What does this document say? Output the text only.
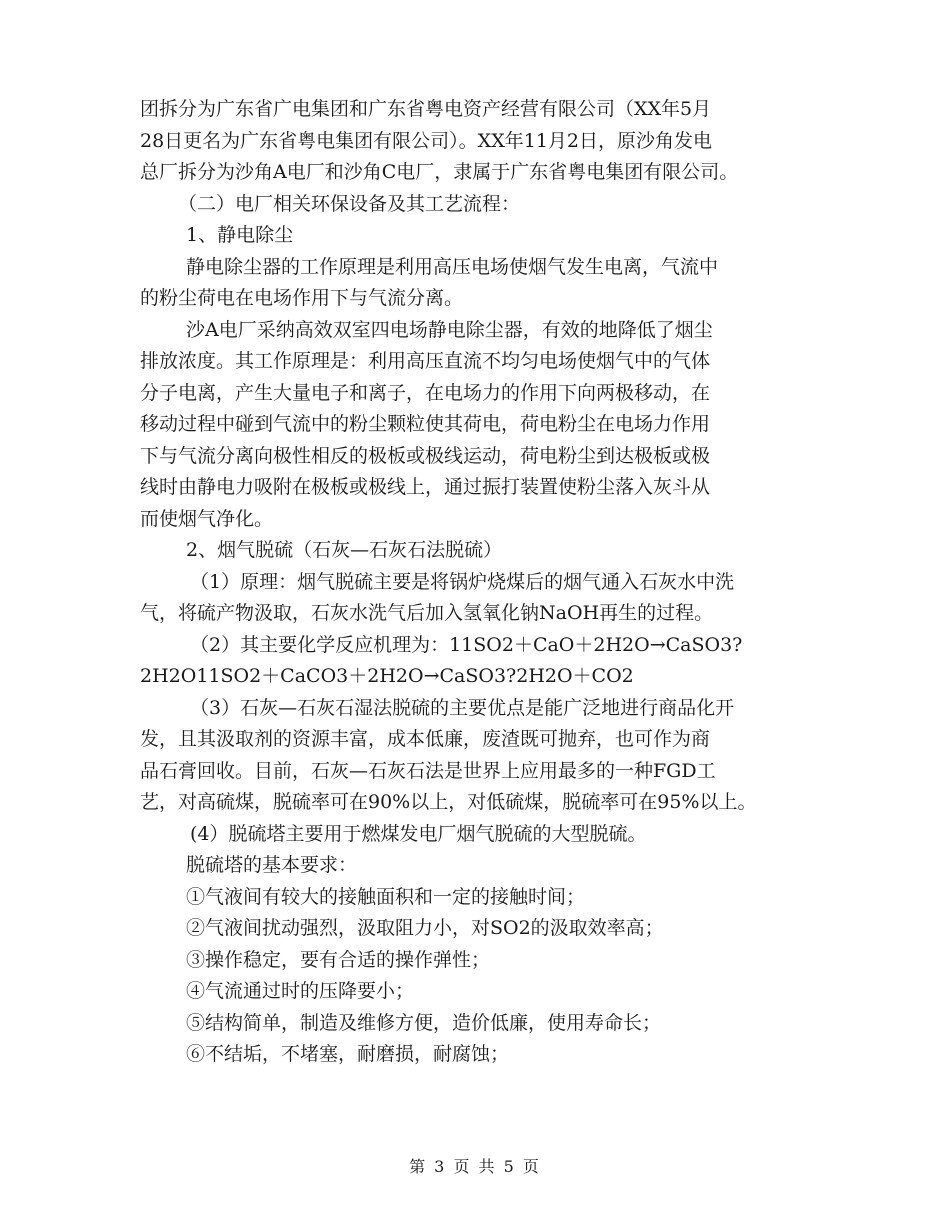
团拆分为广东省广电集团和广东省粤电资产经营有限公司（XX年5月
28日更名为广东省粤电集团有限公司）。XX年11月2日，原沙角发电
总厂拆分为沙角A电厂和沙角C电厂，隶属于广东省粤电集团有限公司。
（二）电厂相关环保设备及其工艺流程：
1、静电除尘
静电除尘器的工作原理是利用高压电场使烟气发生电离，气流中
的粉尘荷电在电场作用下与气流分离。
沙A电厂采纳高效双室四电场静电除尘器，有效的地降低了烟尘
排放浓度。其工作原理是：利用高压直流不均匀电场使烟气中的气体
分子电离，产生大量电子和离子，在电场力的作用下向两极移动，在
移动过程中碰到气流中的粉尘颗粒使其荷电，荷电粉尘在电场力作用
下与气流分离向极性相反的极板或极线运动，荷电粉尘到达极板或极
线时由静电力吸附在极板或极线上，通过振打装置使粉尘落入灰斗从
而使烟气净化。
2、烟气脱硫（石灰—石灰石法脱硫）
（1）原理：烟气脱硫主要是将锅炉烧煤后的烟气通入石灰水中洗
气，将硫产物汲取，石灰水洗气后加入氢氧化钠NaOH再生的过程。
（2）其主要化学反应机理为：11SO2＋CaO＋2H2O→CaSO3?
2H2O11SO2＋CaCO3＋2H2O→CaSO3?2H2O＋CO2
（3）石灰—石灰石湿法脱硫的主要优点是能广泛地进行商品化开
发，且其汲取剂的资源丰富，成本低廉，废渣既可抛弃，也可作为商
品石膏回收。目前，石灰—石灰石法是世界上应用最多的一种FGD工
艺，对高硫煤，脱硫率可在90%以上，对低硫煤，脱硫率可在95%以上。
(4）脱硫塔主要用于燃煤发电厂烟气脱硫的大型脱硫。
脱硫塔的基本要求：
①气液间有较大的接触面积和一定的接触时间；
②气液间扰动强烈，汲取阻力小，对SO2的汲取效率高；
③操作稳定，要有合适的操作弹性；
④气流通过时的压降要小；
⑤结构简单，制造及维修方便，造价低廉，使用寿命长；
⑥不结垢，不堵塞，耐磨损，耐腐蚀；
第 3 页 共 5 页
